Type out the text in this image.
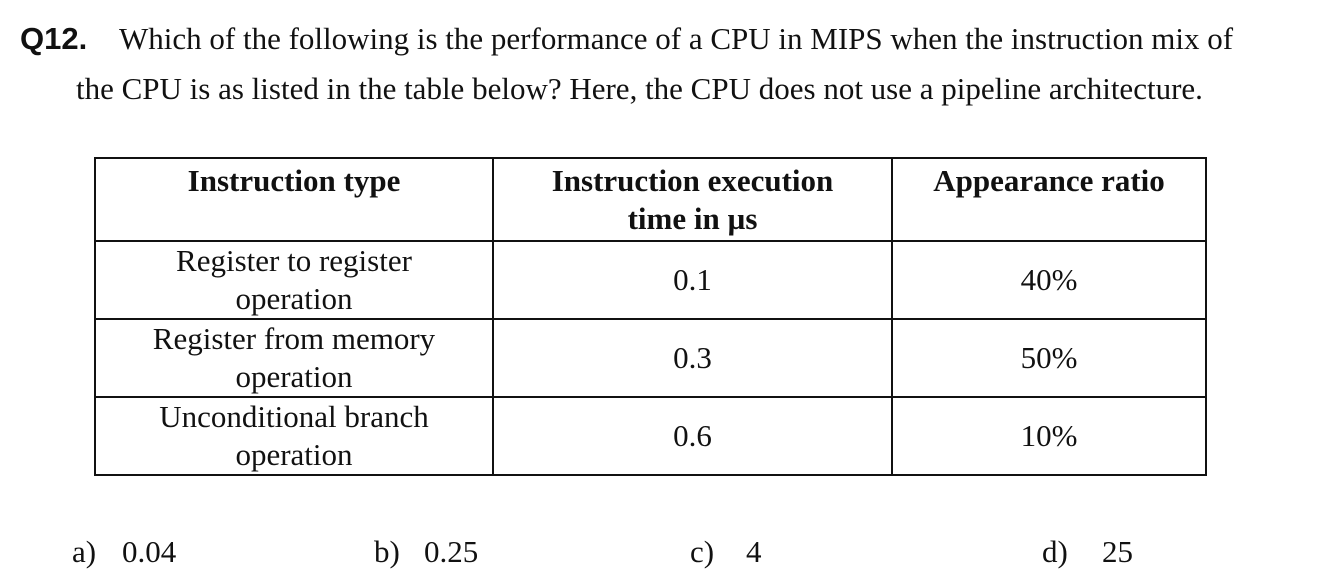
Q12. Which of the following is the performance of a CPU in MIPS when the instruction mix of
the CPU is as listed in the table below? Here, the CPU does not use a pipeline architecture.
Instruction type	Instruction execution time in µs	Appearance ratio
Register to register operation	0.1	40%
Register from memory operation	0.3	50%
Unconditional branch operation	0.6	10%
a) 0.04	b) 0.25	c) 4	d) 25
